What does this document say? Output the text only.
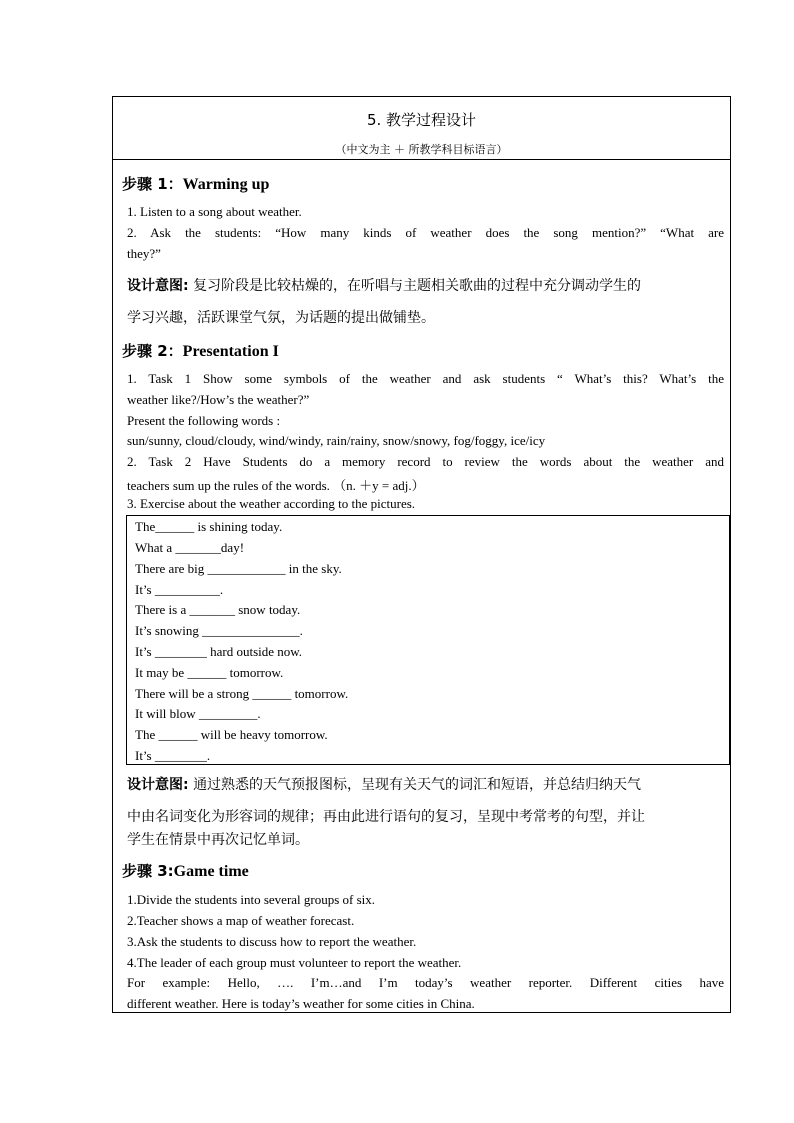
5. 教学过程设计
（中文为主 ＋ 所教学科目标语言）
步骤 1：Warming up
1. Listen to a song about weather.
2. Ask the students: “How many kinds of weather does the song mention?” “What are
they?”
设计意图: 复习阶段是比较枯燥的，在听唱与主题相关歌曲的过程中充分调动学生的
学习兴趣，活跃课堂气氛，为话题的提出做铺垫。
步骤 2：Presentation I
1. Task 1 Show some symbols of the weather and ask students “ What’s this? What’s the
weather like?/How’s the weather?”
Present the following words :
sun/sunny, cloud/cloudy, wind/windy, rain/rainy, snow/snowy, fog/foggy, ice/icy
2. Task 2 Have Students do a memory record to review the words about the weather and
teachers sum up the rules of the words. （n. ＋y = adj.）
3. Exercise about the weather according to the pictures.
The______ is shining today.
What a _______day!
There are big ____________ in the sky.
It’s __________.
There is a _______ snow today.
It’s snowing _______________.
It’s ________ hard outside now.
It may be ______ tomorrow.
There will be a strong ______ tomorrow.
It will blow _________.
The ______ will be heavy tomorrow.
It’s ________.
设计意图: 通过熟悉的天气预报图标，呈现有关天气的词汇和短语，并总结归纳天气
中由名词变化为形容词的规律；再由此进行语句的复习，呈现中考常考的句型，并让
学生在情景中再次记忆单词。
步骤 3:Game time
1.Divide the students into several groups of six.
2.Teacher shows a map of weather forecast.
3.Ask the students to discuss how to report the weather.
4.The leader of each group must volunteer to report the weather.
For example: Hello, …. I’m…and I’m today’s weather reporter. Different cities have
different weather. Here is today’s weather for some cities in China.
